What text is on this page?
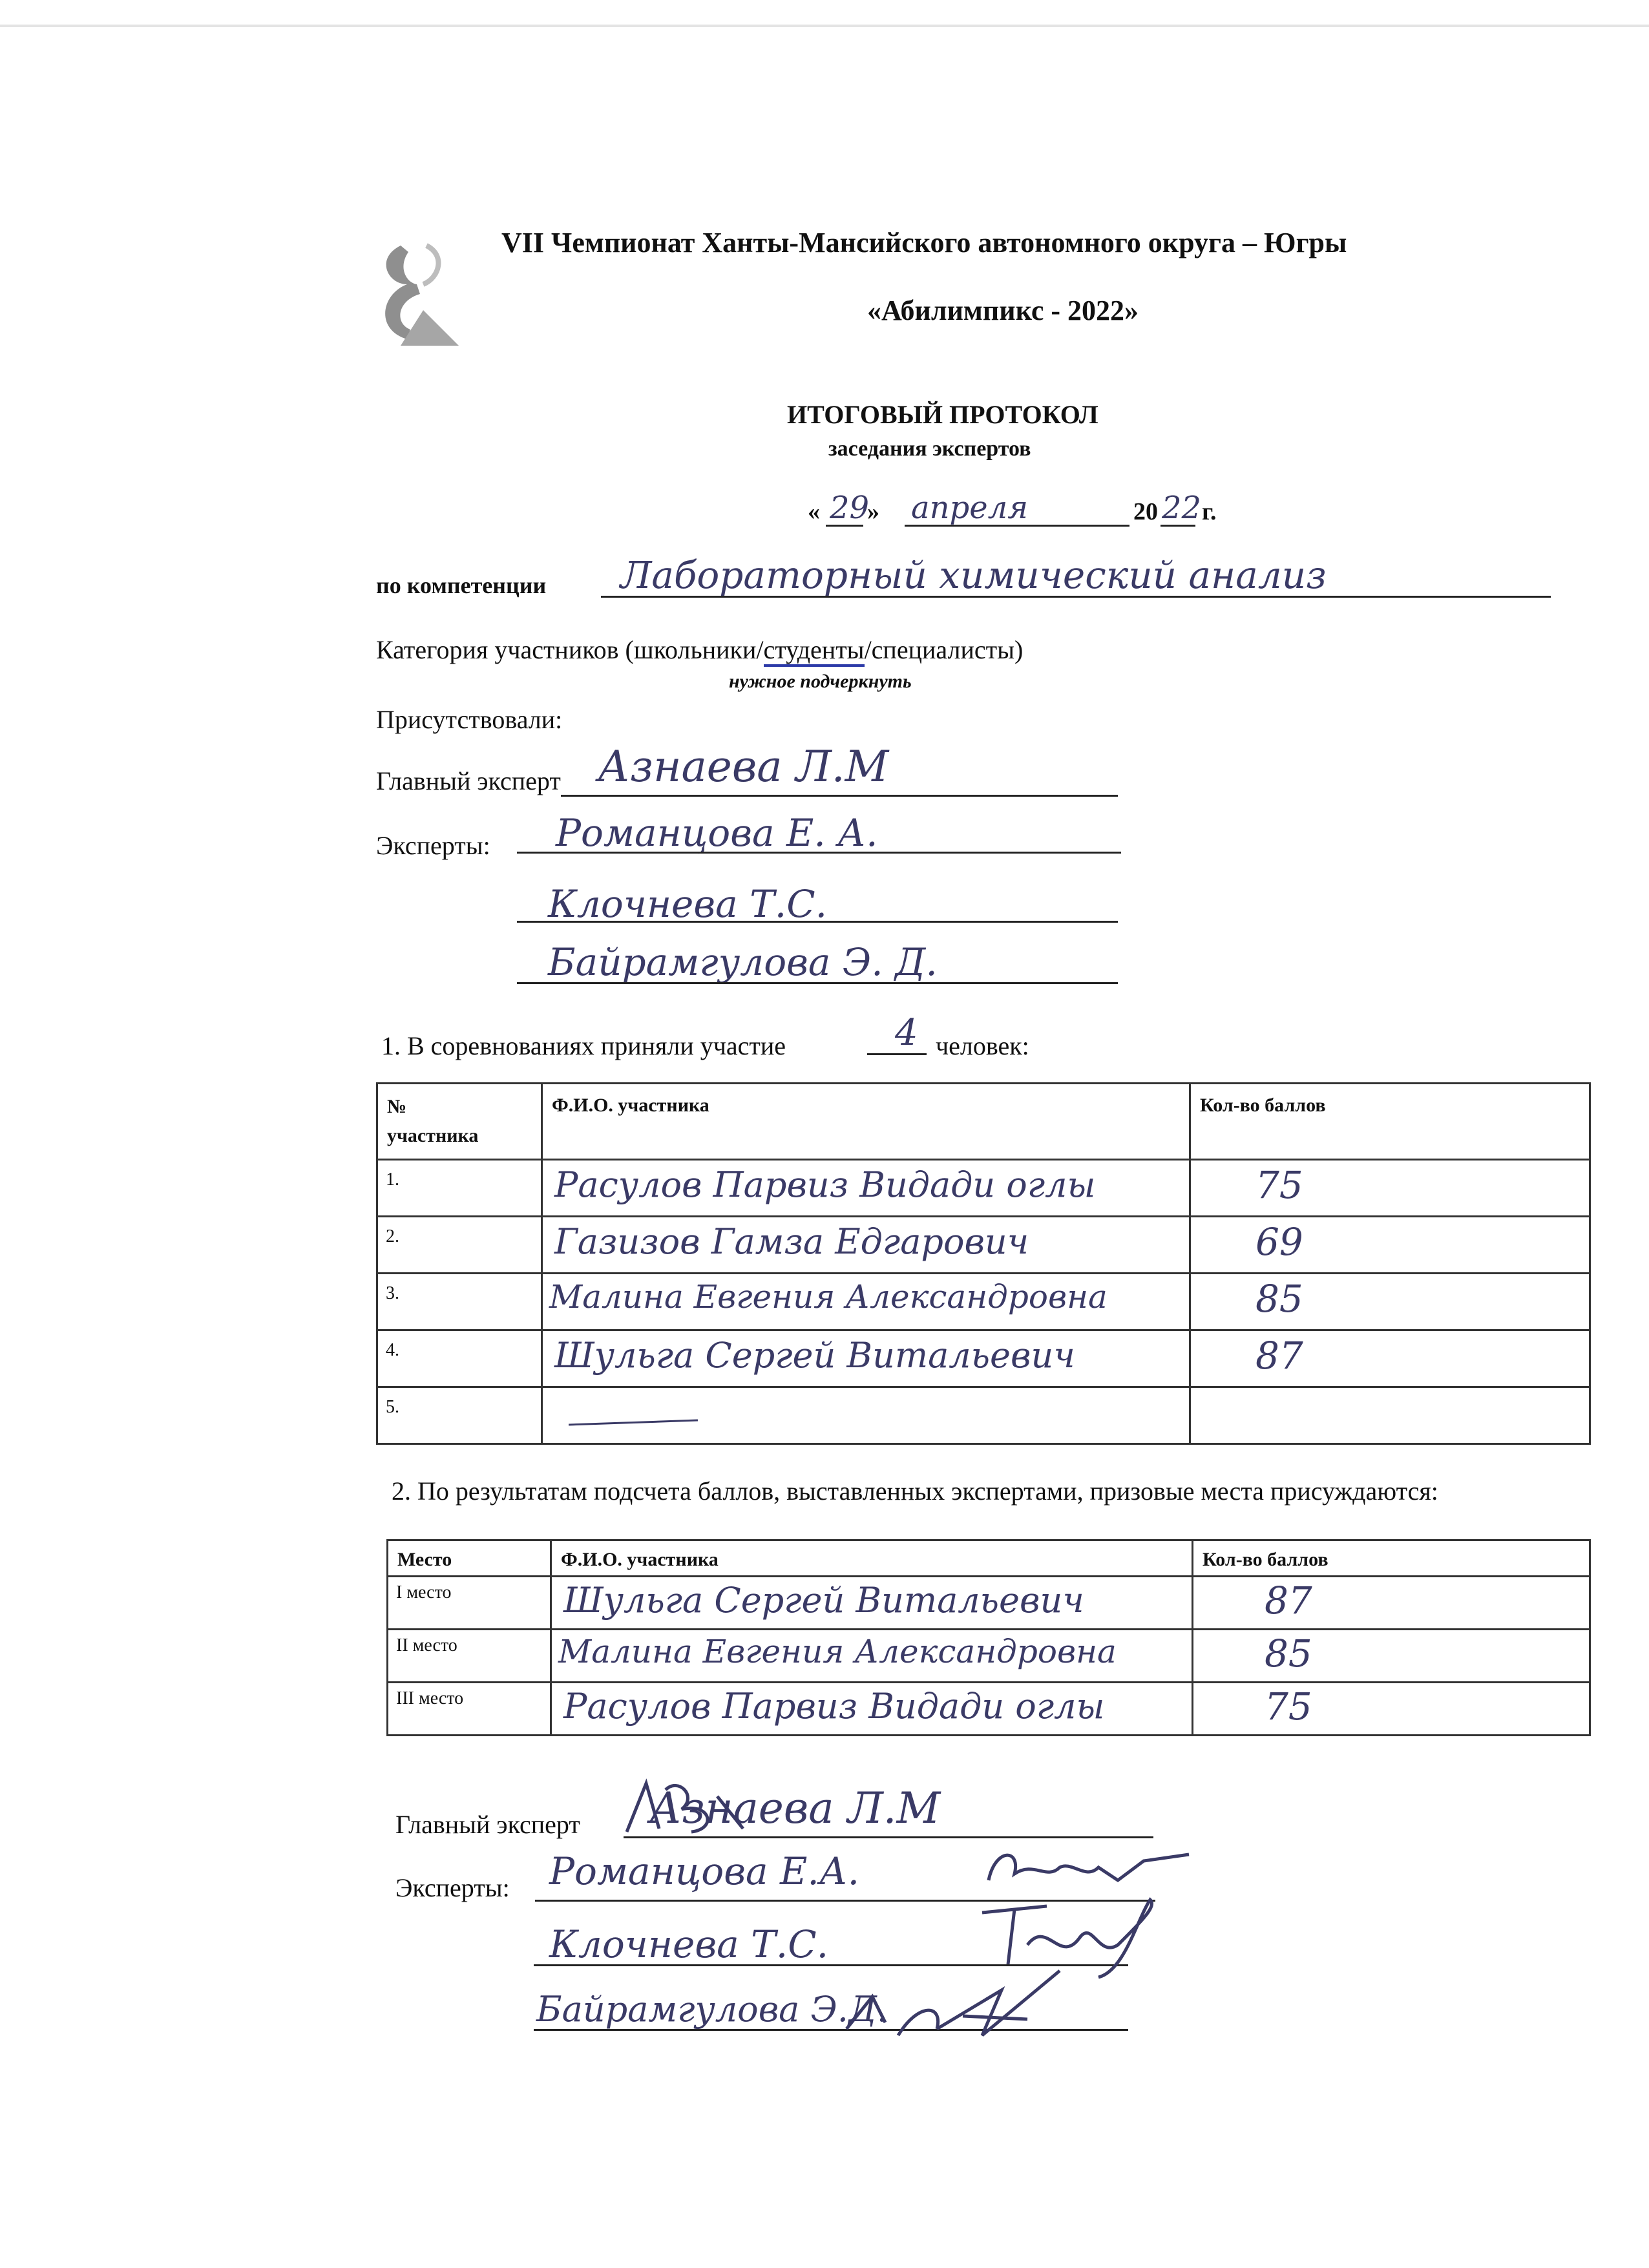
VII Чемпионат Ханты-Мансийского автономного округа – Югры
«Абилимпикс - 2022»
ИТОГОВЫЙ ПРОТОКОЛ
заседания экспертов
« 29
» апреля	20 22 г.
по компетенции Лабораторный химический анализ
Категория участников (школьники/студенты/специалисты)
нужное подчеркнуть
Присутствовали:
Главный эксперт Азнаева Л.М
Эксперты: Романцова Е. А.
Клочнева Т.С.
Байрамгулова Э. Д.
1. В соревнованиях приняли участие	4 человек:
№
участника	Ф.И.О. участника	Кол-во баллов

1.	Расулов Парвиз Видади оглы	75

2.	Газизов Гамза Едгарович	69

3.	Малина Евгения Александровна	85

4.	Шульга Сергей Витальевич	87

5.		

2. По результатам подсчета баллов, выставленных экспертами, призовые места присуждаются:
Место	Ф.И.О. участника	Кол-во баллов

I место	Шульга Сергей Витальевич	87

II место	Малина Евгения Александровна	85

III место	Расулов Парвиз Видади оглы	75
Главный эксперт Азнаева Л.М
Эксперты: Романцова Е.А.
Клочнева Т.С.
Байрамгулова Э.Д.
